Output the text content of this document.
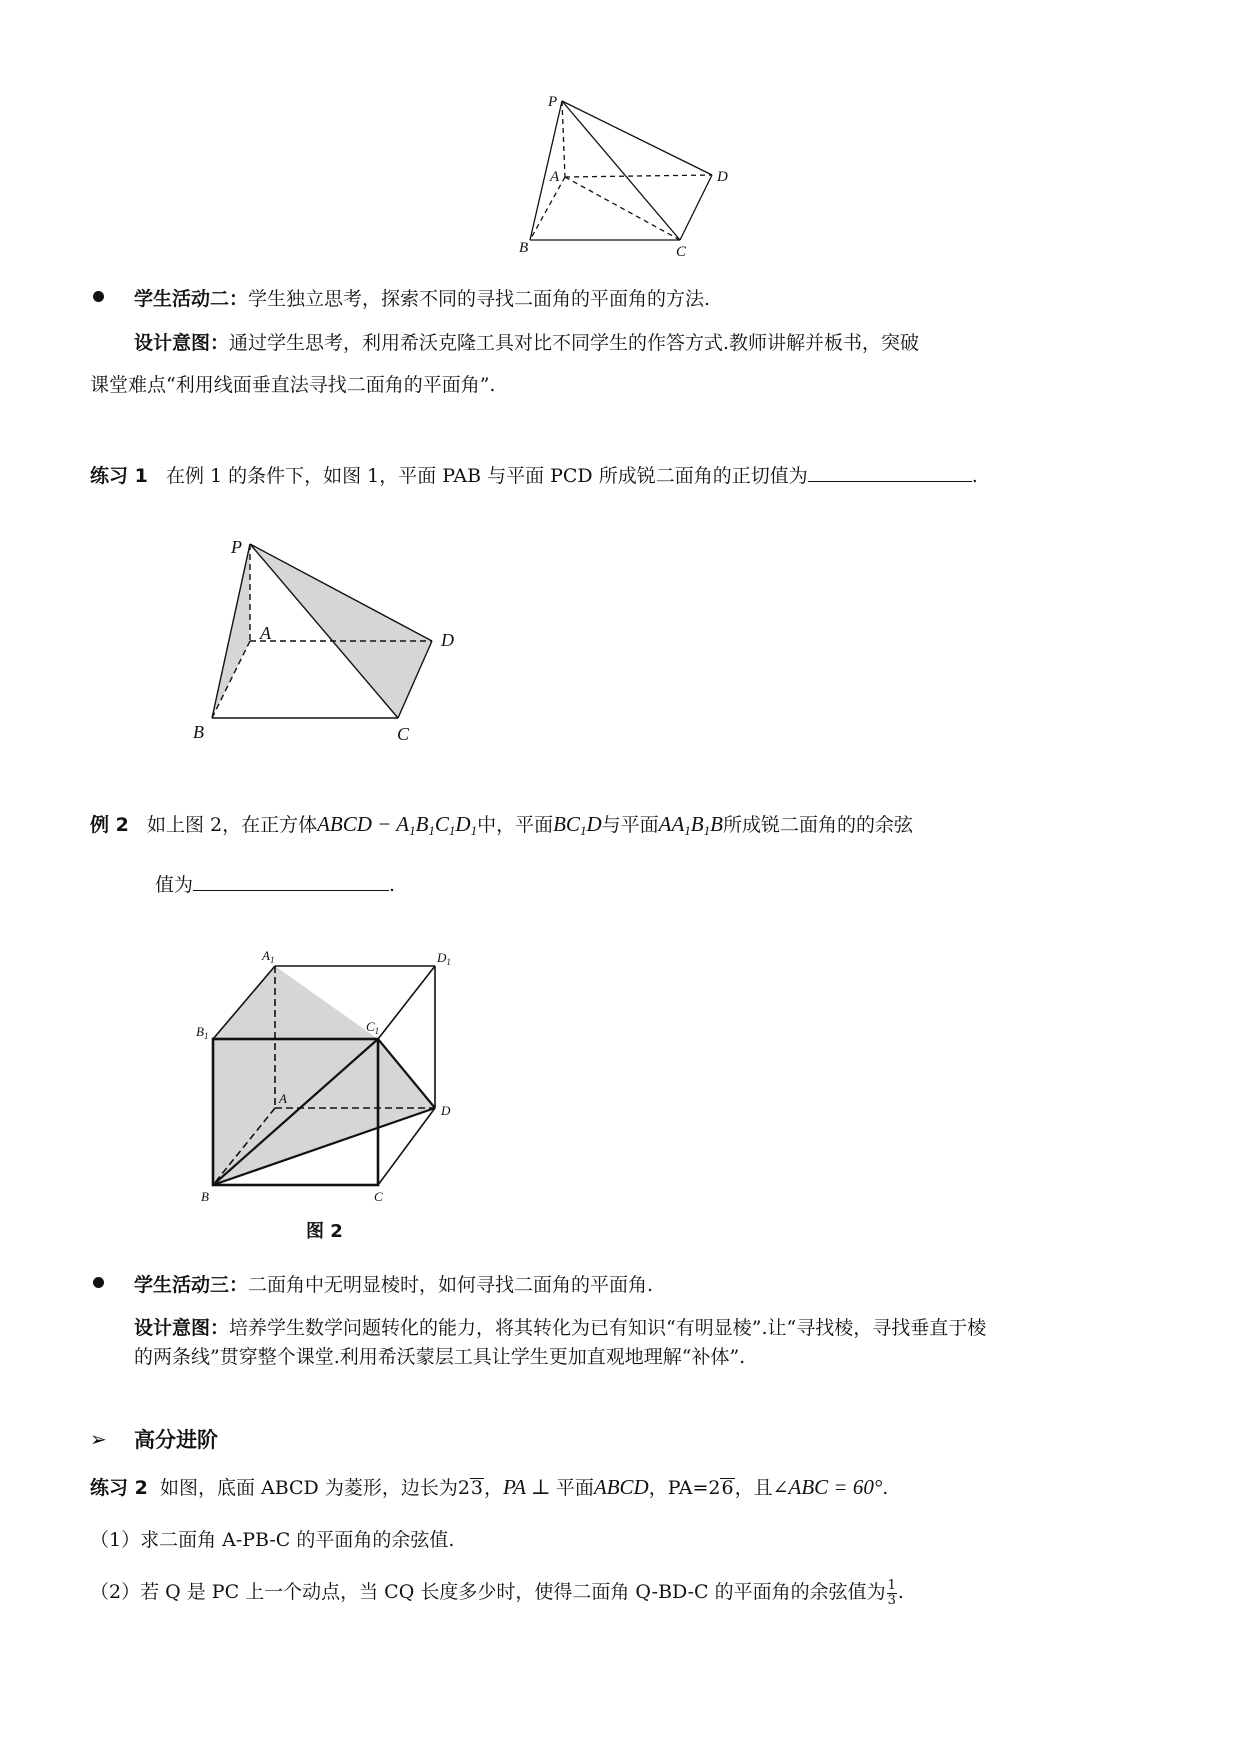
P
A	D
B	C
学生活动二：学生独立思考，探索不同的寻找二面角的平面角的方法.
设计意图：通过学生思考，利用希沃克隆工具对比不同学生的作答方式.教师讲解并板书，突破
课堂难点“利用线面垂直法寻找二面角的平面角”.
练习 1 在例 1 的条件下，如图 1，平面 PAB 与平面 PCD 所成锐二面角的正切值为	.
P
A	D
B	C
例 2 如上图 2，在正方体ABCD − $A_1B_1C_1D_1$中，平面$BC_1D$与平面$AA_1B_1B$所成锐二面角的的余弦
值为	.
$A_1$	$D_1$
$B_1$
$C_1$
A
D
B	C
图 2
学生活动三：二面角中无明显棱时，如何寻找二面角的平面角.
设计意图：培养学生数学问题转化的能力，将其转化为已有知识“有明显棱”.让“寻找棱，寻找垂直于棱
的两条线”贯穿整个课堂.利用希沃蒙层工具让学生更加直观地理解“补体”.
➢ 高分进阶
练习 2 如图，底面 ABCD 为菱形，边长为23，PA ⊥ 平面ABCD，PA=26，且∠ABC = 60°.
（1）求二面角 A-PB-C 的平面角的余弦值.
（2）若 Q 是 PC 上一个动点，当 CQ 长度多少时，使得二面角 Q-BD-C 的平面角的余弦值为 $\frac{1}{3}$ .
